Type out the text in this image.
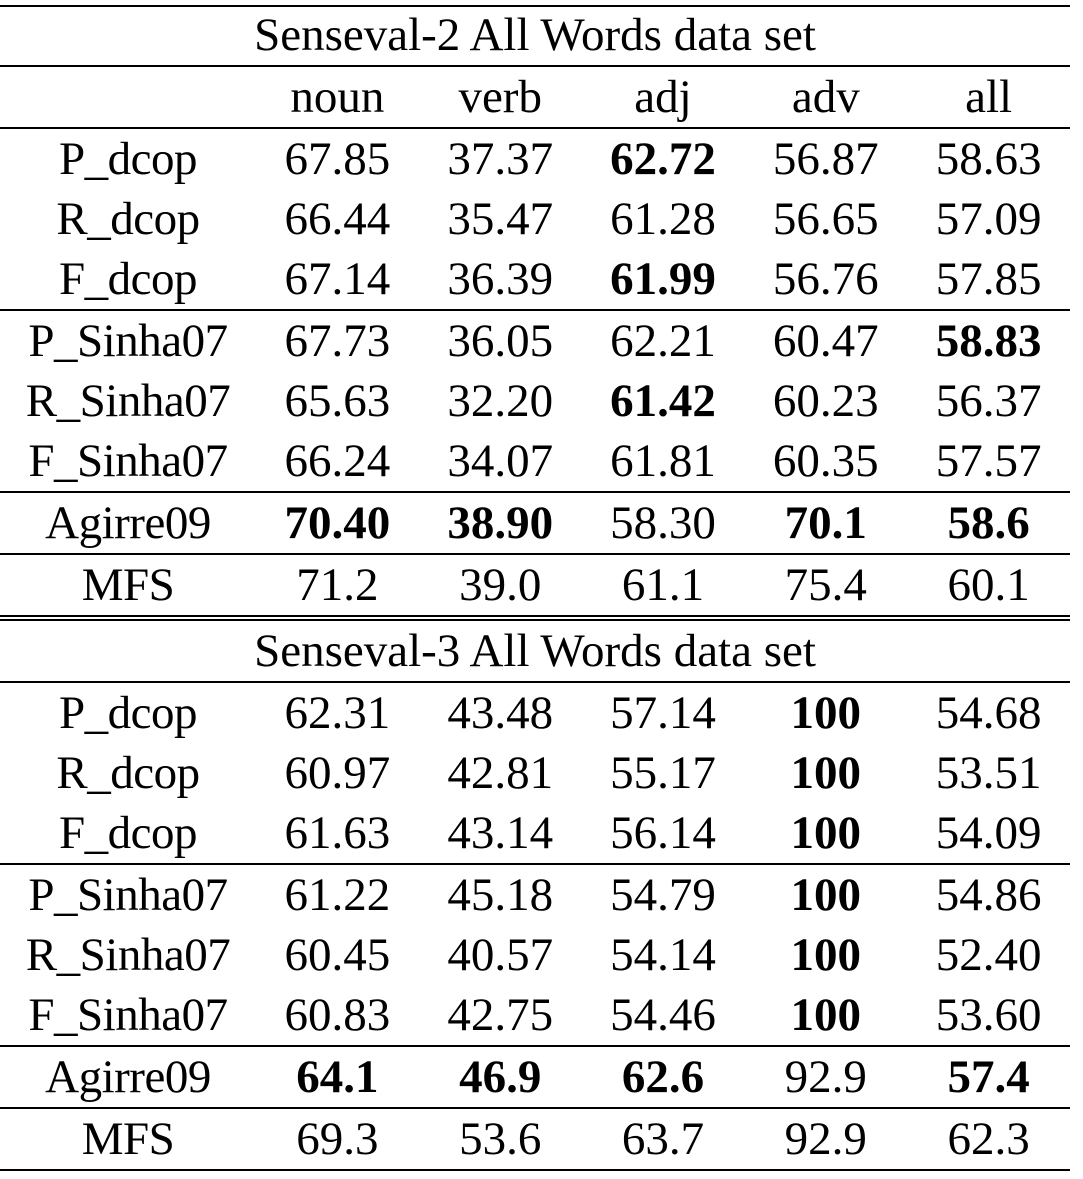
Senseval-2 All Words data set					
	noun	verb	adj	adv	all
P_dcop	67.85	37.37	62.72	56.87	58.63
R_dcop	66.44	35.47	61.28	56.65	57.09
F_dcop	67.14	36.39	61.99	56.76	57.85
P_Sinha07	67.73	36.05	62.21	60.47	58.83
R_Sinha07	65.63	32.20	61.42	60.23	56.37
F_Sinha07	66.24	34.07	61.81	60.35	57.57
Agirre09	70.40	38.90	58.30	70.1	58.6
MFS	71.2	39.0	61.1	75.4	60.1
Senseval-3 All Words data set					
P_dcop	62.31	43.48	57.14	100	54.68
R_dcop	60.97	42.81	55.17	100	53.51
F_dcop	61.63	43.14	56.14	100	54.09
P_Sinha07	61.22	45.18	54.79	100	54.86
R_Sinha07	60.45	40.57	54.14	100	52.40
F_Sinha07	60.83	42.75	54.46	100	53.60
Agirre09	64.1	46.9	62.6	92.9	57.4
MFS	69.3	53.6	63.7	92.9	62.3
